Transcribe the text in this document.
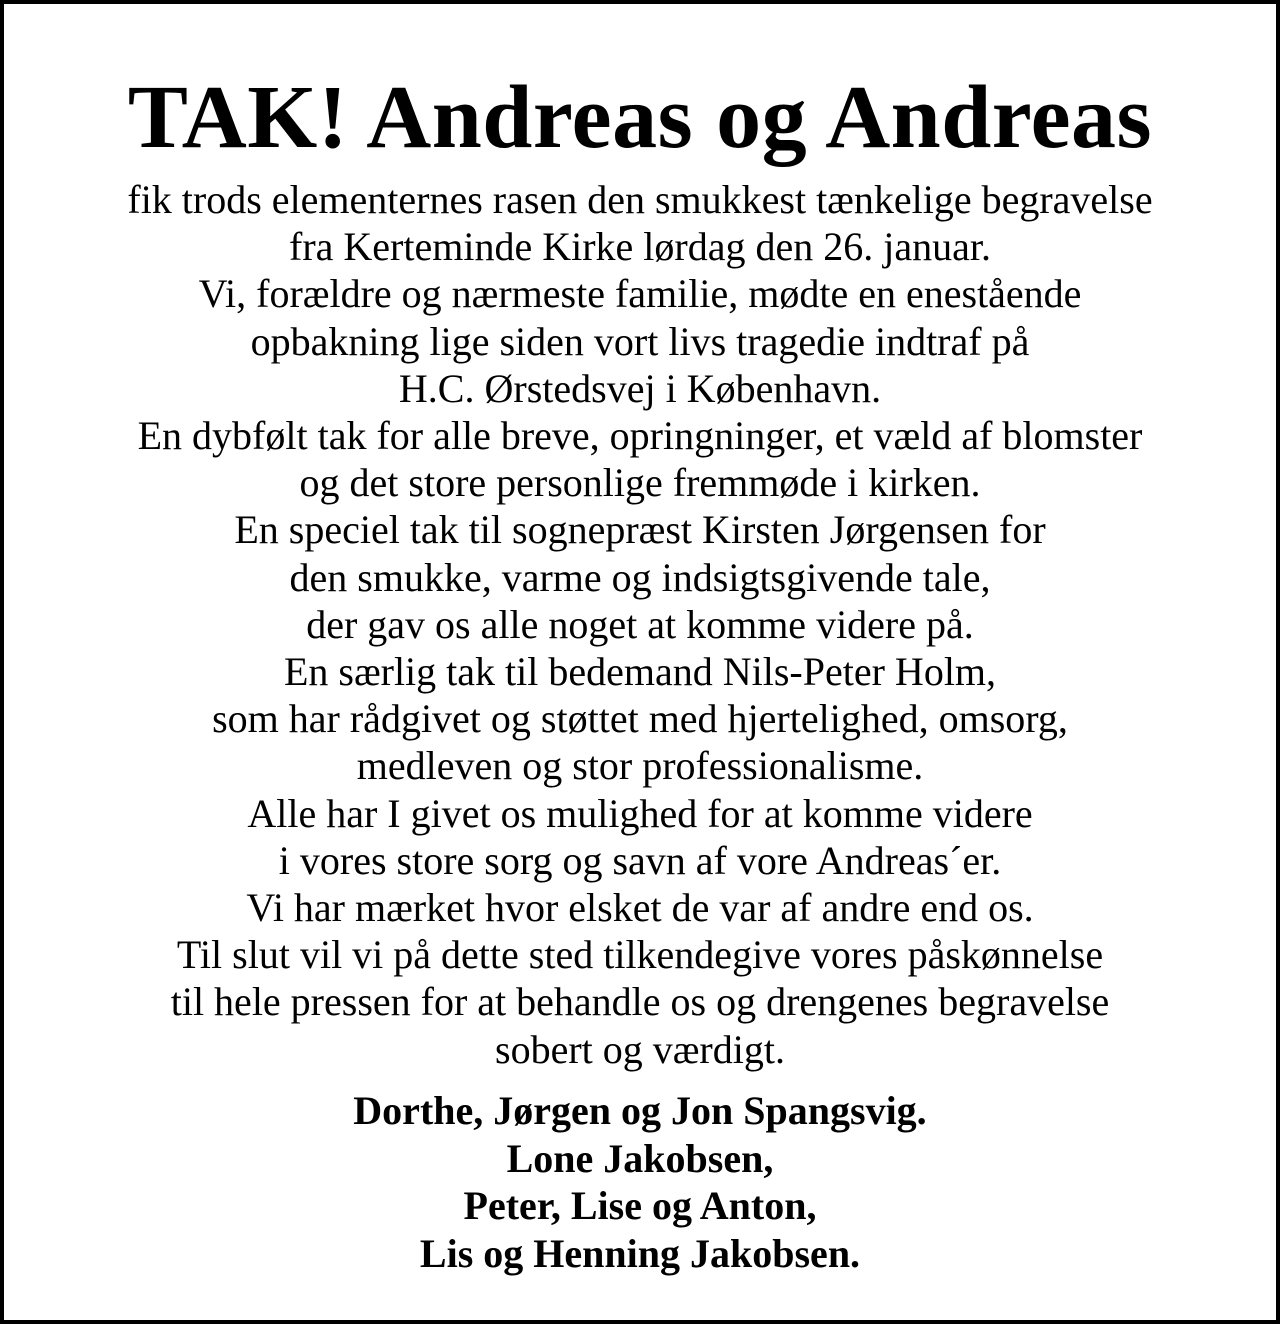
TAK! Andreas og Andreas
fik trods elementernes rasen den smukkest tænkelige begravelse
fra Kerteminde Kirke lørdag den 26. januar.
Vi, forældre og nærmeste familie, mødte en enestående
opbakning lige siden vort livs tragedie indtraf på
H.C. Ørstedsvej i København.
En dybfølt tak for alle breve, opringninger, et væld af blomster
og det store personlige fremmøde i kirken.
En speciel tak til sognepræst Kirsten Jørgensen for
den smukke, varme og indsigtsgivende tale,
der gav os alle noget at komme videre på.
En særlig tak til bedemand Nils-Peter Holm,
som har rådgivet og støttet med hjertelighed, omsorg,
medleven og stor professionalisme.
Alle har I givet os mulighed for at komme videre
i vores store sorg og savn af vore Andreas´er.
Vi har mærket hvor elsket de var af andre end os.
Til slut vil vi på dette sted tilkendegive vores påskønnelse
til hele pressen for at behandle os og drengenes begravelse
sobert og værdigt.
Dorthe, Jørgen og Jon Spangsvig.
Lone Jakobsen,
Peter, Lise og Anton,
Lis og Henning Jakobsen.
